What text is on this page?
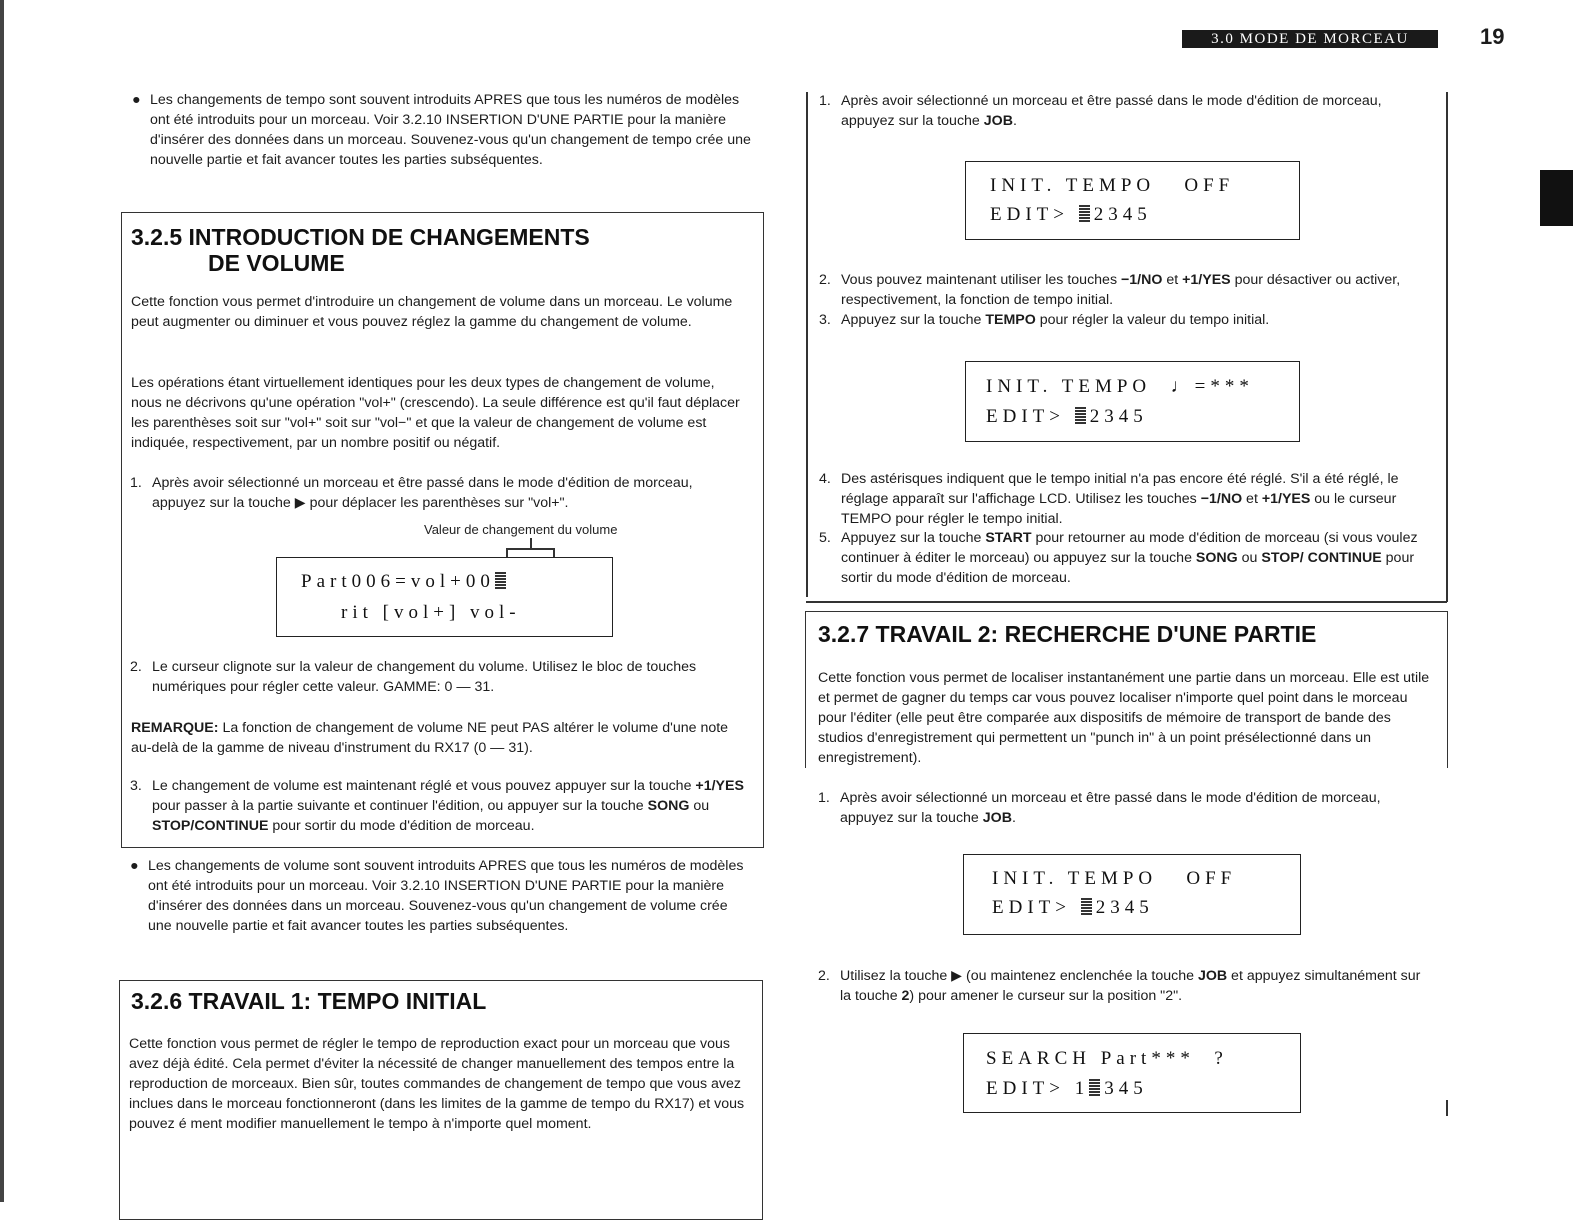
3.0 MODE DE MORCEAU	19
● Les changements de tempo sont souvent introduits APRES que tous les numéros de modèles ont été introduits pour un morceau. Voir 3.2.10 INSERTION D'UNE PARTIE pour la manière d'insérer des données dans un morceau. Souvenez-vous qu'un changement de tempo crée une nouvelle partie et fait avancer toutes les parties subséquentes.
3.2.5 INTRODUCTION DE CHANGEMENTS
DE VOLUME
Cette fonction vous permet d'introduire un changement de volume dans un morceau. Le volume peut augmenter ou diminuer et vous pouvez réglez la gamme du changement de volume.
Les opérations étant virtuellement identiques pour les deux types de changement de volume, nous ne décrivons qu'une opération "vol+" (crescendo). La seule différence est qu'il faut déplacer les parenthèses soit sur "vol+" soit sur "vol−" et que la valeur de changement de volume est indiquée, respectivement, par un nombre positif ou négatif.
1. Après avoir sélectionné un morceau et être passé dans le mode d'édition de morceau, appuyez sur la touche ▶ pour déplacer les parenthèses sur "vol+".
Valeur de changement du volume

Part006=vol+00

rit [vol+] vol-

2. Le curseur clignote sur la valeur de changement du volume. Utilisez le bloc de touches numériques pour régler cette valeur. GAMME: 0 — 31.
REMARQUE: La fonction de changement de volume NE peut PAS altérer le volume d'une note au-delà de la gamme de niveau d'instrument du RX17 (0 — 31).
3. Le changement de volume est maintenant réglé et vous pouvez appuyer sur la touche +1/YES pour passer à la partie suivante et continuer l'édition, ou appuyer sur la touche SONG ou STOP/CONTINUE pour sortir du mode d'édition de morceau.
● Les changements de volume sont souvent introduits APRES que tous les numéros de modèles ont été introduits pour un morceau. Voir 3.2.10 INSERTION D'UNE PARTIE pour la manière d'insérer des données dans un morceau. Souvenez-vous qu'un changement de volume crée une nouvelle partie et fait avancer toutes les parties subséquentes.
3.2.6 TRAVAIL 1: TEMPO INITIAL
Cette fonction vous permet de régler le tempo de reproduction exact pour un morceau que vous avez déjà édité. Cela permet d'éviter la nécessité de changer manuellement des tempos entre la reproduction de morceaux. Bien sûr, toutes commandes de changement de tempo que vous avez inclues dans le morceau fonctionneront (dans les limites de la gamme de tempo du RX17) et vous pouvez é ment modifier manuellement le tempo à n'importe quel moment.
1. Après avoir sélectionné un morceau et être passé dans le mode d'édition de morceau, appuyez sur la touche JOB.

INIT. TEMPO   OFF

EDIT> 2345

2. Vous pouvez maintenant utiliser les touches −1/NO et +1/YES pour désactiver ou activer, respectivement, la fonction de tempo initial.
3. Appuyez sur la touche TEMPO pour régler la valeur du tempo initial.

INIT. TEMPO  ♩=***

EDIT> 2345

4. Des astérisques indiquent que le tempo initial n'a pas encore été réglé. S'il a été réglé, le réglage apparaît sur l'affichage LCD. Utilisez les touches −1/NO et +1/YES ou le curseur TEMPO pour régler le tempo initial.
5. Appuyez sur la touche START pour retourner au mode d'édition de morceau (si vous voulez continuer à éditer le morceau) ou appuyez sur la touche SONG ou STOP/ CONTINUE pour sortir du mode d'édition de morceau.
3.2.7 TRAVAIL 2: RECHERCHE D'UNE PARTIE
Cette fonction vous permet de localiser instantanément une partie dans un morceau. Elle est utile et permet de gagner du temps car vous pouvez localiser n'importe quel point dans le morceau pour l'éditer (elle peut être comparée aux dispositifs de mémoire de transport de bande des studios d'enregistrement qui permettent un "punch in" à un point présélectionné dans un enregistrement).
1. Après avoir sélectionné un morceau et être passé dans le mode d'édition de morceau, appuyez sur la touche JOB.

INIT. TEMPO   OFF

EDIT> 2345

2. Utilisez la touche ▶ (ou maintenez enclenchée la touche JOB et appuyez simultanément sur la touche 2) pour amener le curseur sur la position "2".

SEARCH Part***  ?

EDIT> 1 345
